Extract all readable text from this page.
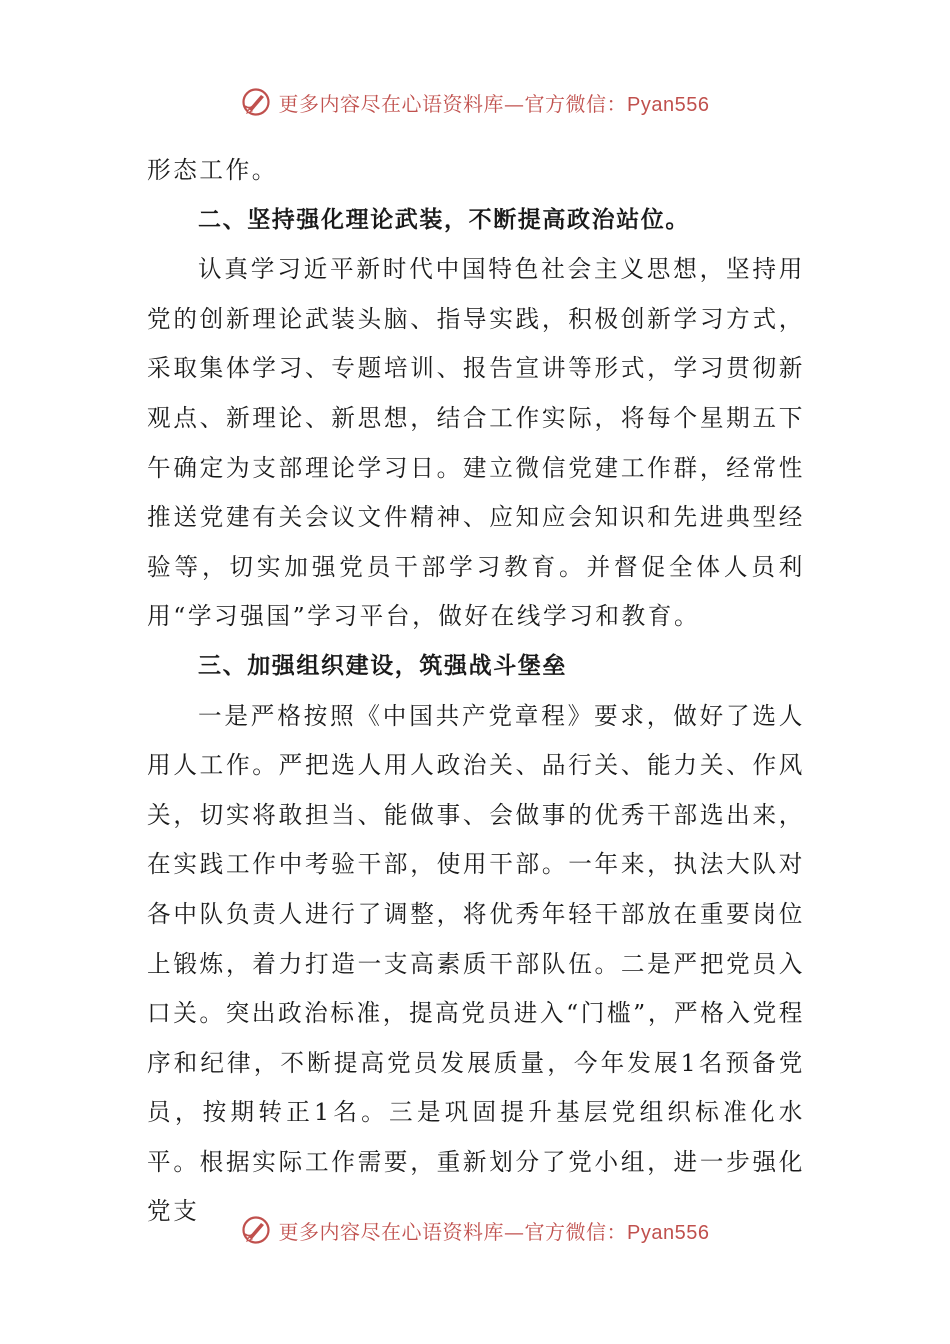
更多内容尽在心语资料库—官方微信：Pyan556

形态工作。

二、坚持强化理论武装，不断提高政治站位。

认真学习近平新时代中国特色社会主义思想，坚持用党的创新理论武装头脑、指导实践，积极创新学习方式，采取集体学习、专题培训、报告宣讲等形式，学习贯彻新观点、新理论、新思想，结合工作实际，将每个星期五下午确定为支部理论学习日。建立微信党建工作群，经常性推送党建有关会议文件精神、应知应会知识和先进典型经验等，切实加强党员干部学习教育。并督促全体人员利用“学习强国”学习平台，做好在线学习和教育。

三、加强组织建设，筑强战斗堡垒

一是严格按照《中国共产党章程》要求，做好了选人用人工作。严把选人用人政治关、品行关、能力关、作风关，切实将敢担当、能做事、会做事的优秀干部选出来，在实践工作中考验干部，使用干部。一年来，执法大队对各中队负责人进行了调整，将优秀年轻干部放在重要岗位上锻炼，着力打造一支高素质干部队伍。二是严把党员入口关。突出政治标准，提高党员进入“门槛”，严格入党程序和纪律，不断提高党员发展质量，今年发展1名预备党员，按期转正1名。三是巩固提升基层党组织标准化水平。根据实际工作需要，重新划分了党小组，进一步强化党支

更多内容尽在心语资料库—官方微信：Pyan556
